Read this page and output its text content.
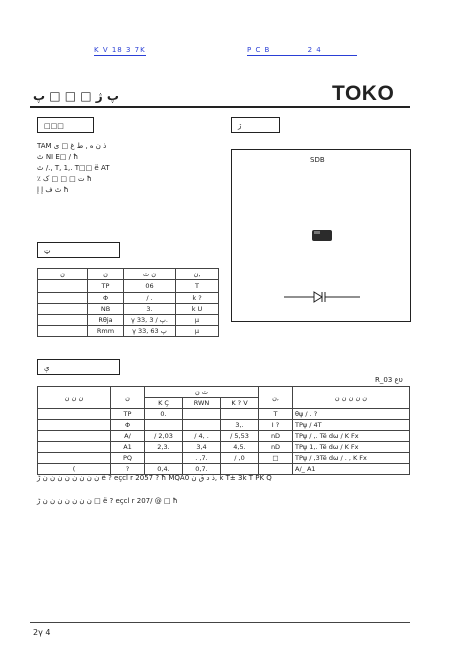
K V 18 3 7K	P C B	2 4
پ ژ □ □ □ پ	TOKO
□□□	ژ
TAM ذ ن ه , ط غ □ ی
ٹ NI E□ / ħ
ٹ /., T, 1,. T□□ ë AT
٪ ت □ □ □ ک ħ
ٹ ف إ إ ħ
SDB
ټ
ن	ن	ن ٽ	ن,
	TP	06	T
	Φ	/ .	k ?
	NB	3.	k U
	Rθja	γ 33, پ / 3.	μ
	Rmm	γ 33, پ 63	μ
ې
R_ع 03υ
ن ن ن	ن	ٽ ن			ن,	ن ن ن ن ن
		K Ç	RWN	K ? V		
	TP	0.			T	θψ / . ?
	Φ			3,.	I ?	TPψ / 4T
	A/	/ 2,03	/ 4, .	/ 5,53	nD	TPψ / ,. Të dω / K Fx
	A1	2,3.	3,4	4,5.	nD	TPψ 1,. Të dω / K Fx
	PQ		. ,7.	/ ,0	□	TPψ / ,3Të dω / . , K Fx
(	?	0,4.	0,7.			A/_ A1
ن ن ن ن ن ن ن ن ڑ ë ? eçcl r 2057 ? ħ MQAذ د ق ن 0, k T± 3k T PK Q
ن ن ن ن ن ن ن ڑ □ ë ? eçcl r 207/ @ □ ħ
2γ 4
